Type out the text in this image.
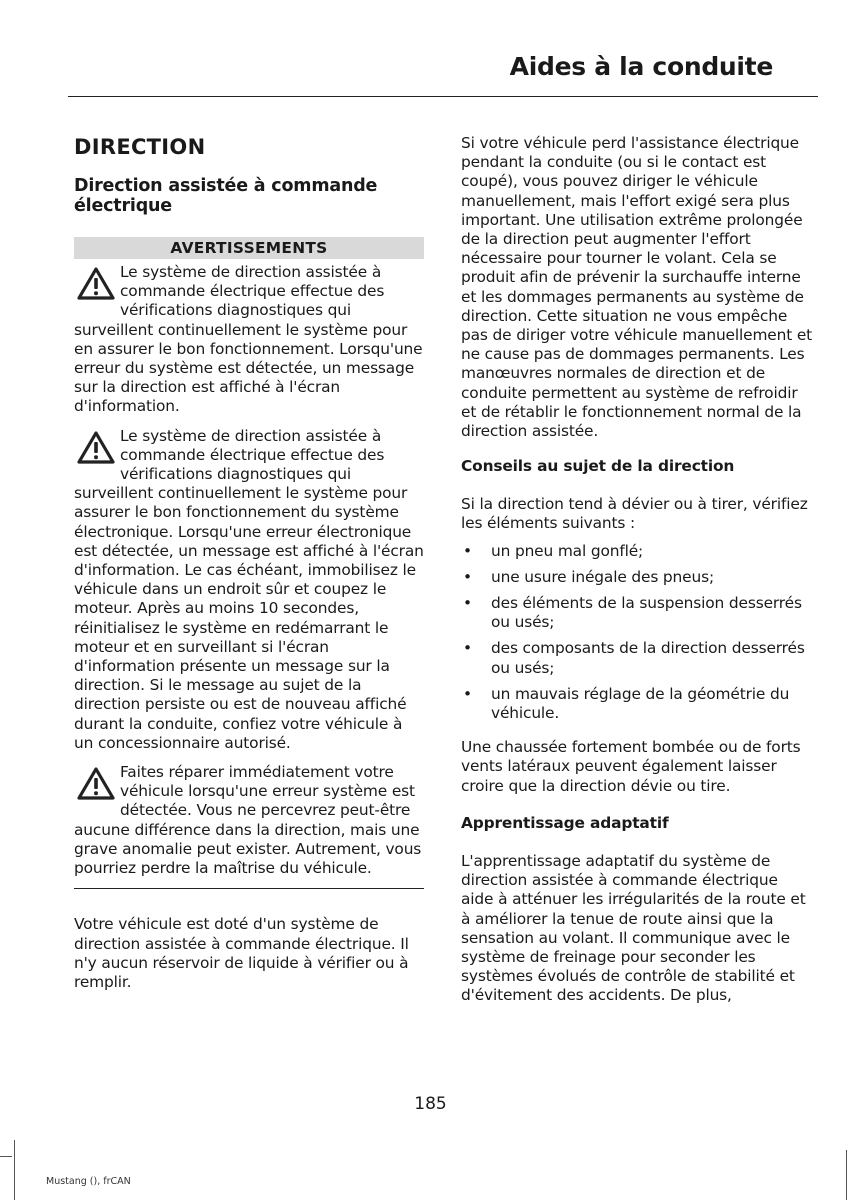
Aides à la conduite
DIRECTION
Direction assistée à commande électrique
AVERTISSEMENTS

Le système de direction assistée à commande électrique effectue des vérifications diagnostiques qui surveillent continuellement le système pour en assurer le bon fonctionnement. Lorsqu'une erreur du système est détectée, un message sur la direction est affiché à l'écran d'information.

Le système de direction assistée à commande électrique effectue des vérifications diagnostiques qui surveillent continuellement le système pour assurer le bon fonctionnement du système électronique. Lorsqu'une erreur électronique est détectée, un message est affiché à l'écran d'information. Le cas échéant, immobilisez le véhicule dans un endroit sûr et coupez le moteur. Après au moins 10 secondes, réinitialisez le système en redémarrant le moteur et en surveillant si l'écran d'information présente un message sur la direction. Si le message au sujet de la direction persiste ou est de nouveau affiché durant la conduite, confiez votre véhicule à un concessionnaire autorisé.

Faites réparer immédiatement votre véhicule lorsqu'une erreur système est détectée. Vous ne percevrez peut-être aucune différence dans la direction, mais une grave anomalie peut exister. Autrement, vous pourriez perdre la maîtrise du véhicule.

Votre véhicule est doté d'un système de direction assistée à commande électrique. Il n'y aucun réservoir de liquide à vérifier ou à remplir.

Si votre véhicule perd l'assistance électrique pendant la conduite (ou si le contact est coupé), vous pouvez diriger le véhicule manuellement, mais l'effort exigé sera plus important. Une utilisation extrême prolongée de la direction peut augmenter l'effort nécessaire pour tourner le volant. Cela se produit afin de prévenir la surchauffe interne et les dommages permanents au système de direction. Cette situation ne vous empêche pas de diriger votre véhicule manuellement et ne cause pas de dommages permanents. Les manœuvres normales de direction et de conduite permettent au système de refroidir et de rétablir le fonctionnement normal de la direction assistée.

Conseils au sujet de la direction

Si la direction tend à dévier ou à tirer, vérifiez les éléments suivants :

• un pneu mal gonflé;
• une usure inégale des pneus;
• des éléments de la suspension desserrés ou usés;
• des composants de la direction desserrés ou usés;
• un mauvais réglage de la géométrie du véhicule.

Une chaussée fortement bombée ou de forts vents latéraux peuvent également laisser croire que la direction dévie ou tire.

Apprentissage adaptatif

L'apprentissage adaptatif du système de direction assistée à commande électrique aide à atténuer les irrégularités de la route et à améliorer la tenue de route ainsi que la sensation au volant. Il communique avec le système de freinage pour seconder les systèmes évolués de contrôle de stabilité et d'évitement des accidents. De plus,

185
Mustang (), frCAN
